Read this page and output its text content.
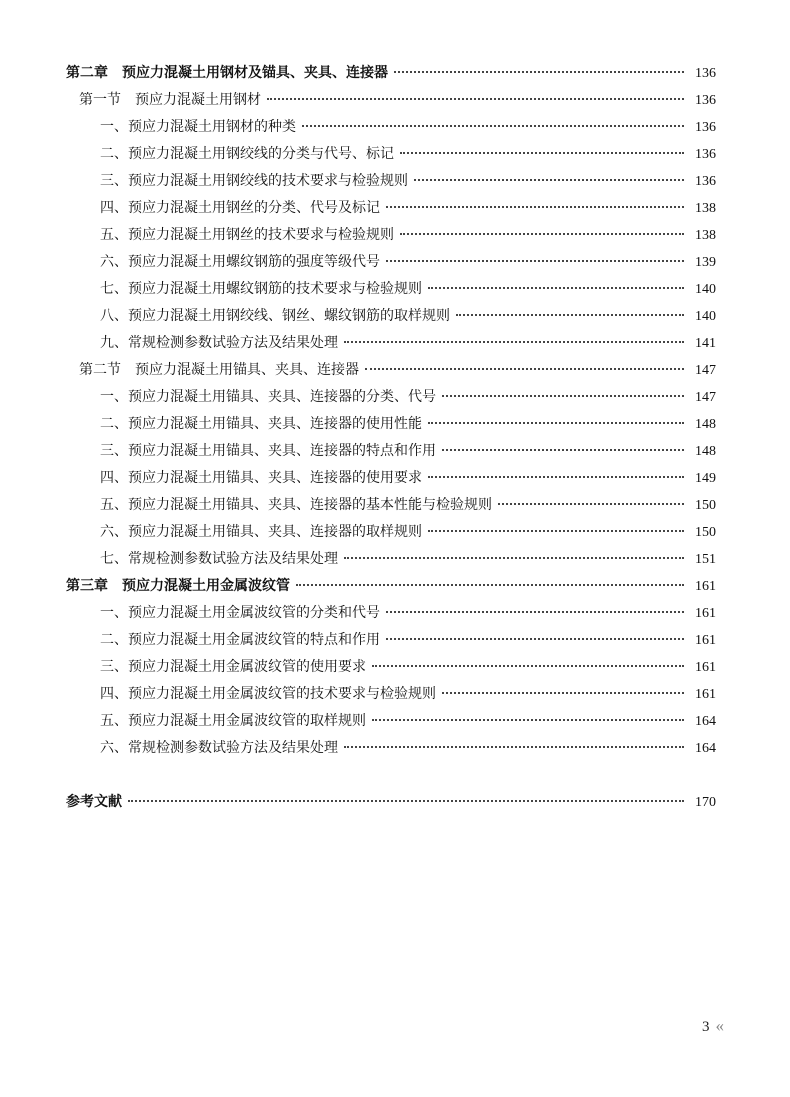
第二章　预应力混凝土用钢材及锚具、夹具、连接器	136
第一节　预应力混凝土用钢材	136
一、预应力混凝土用钢材的种类	136
二、预应力混凝土用钢绞线的分类与代号、标记	136
三、预应力混凝土用钢绞线的技术要求与检验规则	136
四、预应力混凝土用钢丝的分类、代号及标记	138
五、预应力混凝土用钢丝的技术要求与检验规则	138
六、预应力混凝土用螺纹钢筋的强度等级代号	139
七、预应力混凝土用螺纹钢筋的技术要求与检验规则	140
八、预应力混凝土用钢绞线、钢丝、螺纹钢筋的取样规则	140
九、常规检测参数试验方法及结果处理	141
第二节　预应力混凝土用锚具、夹具、连接器	147
一、预应力混凝土用锚具、夹具、连接器的分类、代号	147
二、预应力混凝土用锚具、夹具、连接器的使用性能	148
三、预应力混凝土用锚具、夹具、连接器的特点和作用	148
四、预应力混凝土用锚具、夹具、连接器的使用要求	149
五、预应力混凝土用锚具、夹具、连接器的基本性能与检验规则	150
六、预应力混凝土用锚具、夹具、连接器的取样规则	150
七、常规检测参数试验方法及结果处理	151
第三章　预应力混凝土用金属波纹管	161
一、预应力混凝土用金属波纹管的分类和代号	161
二、预应力混凝土用金属波纹管的特点和作用	161
三、预应力混凝土用金属波纹管的使用要求	161
四、预应力混凝土用金属波纹管的技术要求与检验规则	161
五、预应力混凝土用金属波纹管的取样规则	164
六、常规检测参数试验方法及结果处理	164
参考文献	170
3 «
